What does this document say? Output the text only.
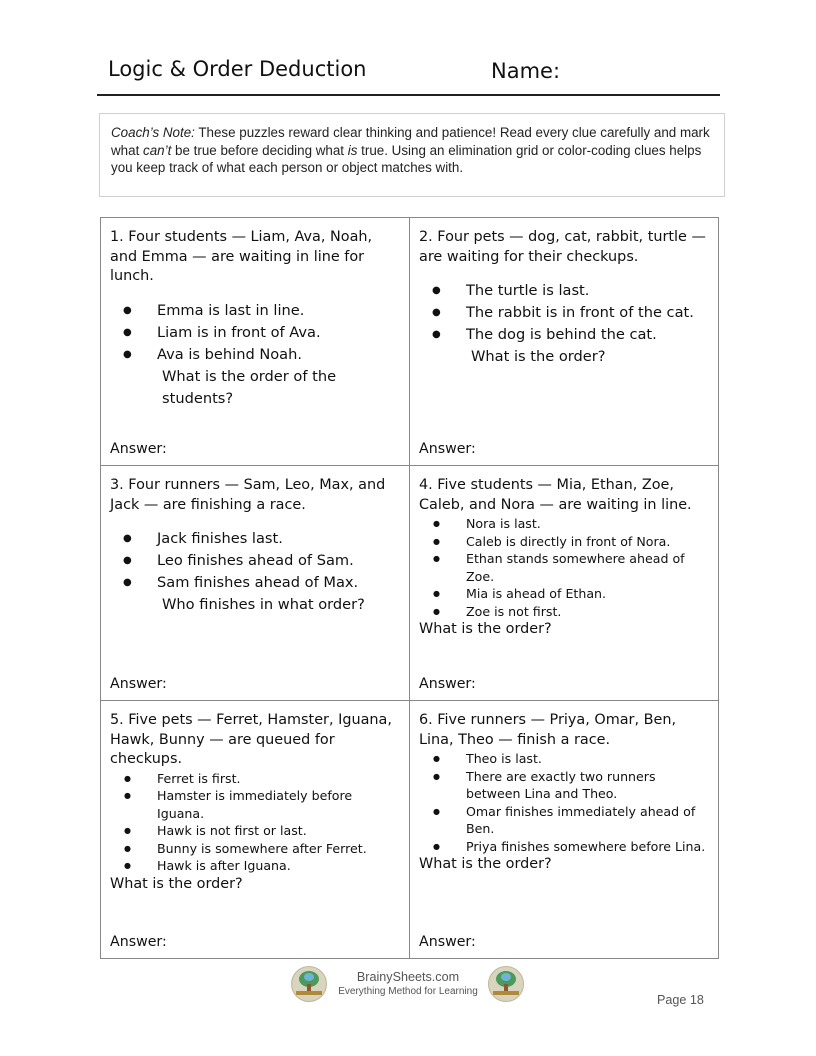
Logic & Order Deduction	Name:
Coach’s Note: These puzzles reward clear thinking and patience! Read every clue carefully and mark what can’t be true before deciding what is true. Using an elimination grid or color-coding clues helps you keep track of what each person or object matches with.

1. Four students — Liam, Ava, Noah, and Emma — are waiting in line for lunch.

● Emma is last in line.
● Liam is in front of Ava.
● Ava is behind Noah.
What is the order of the students?
Answer:

2. Four pets — dog, cat, rabbit, turtle — are waiting for their checkups.

● The turtle is last.
● The rabbit is in front of the cat.
● The dog is behind the cat.
What is the order?
Answer:

3. Four runners — Sam, Leo, Max, and Jack — are finishing a race.

● Jack finishes last.
● Leo finishes ahead of Sam.
● Sam finishes ahead of Max.
Who finishes in what order?
Answer:

4. Five students — Mia, Ethan, Zoe, Caleb, and Nora — are waiting in line.

● Nora is last.
● Caleb is directly in front of Nora.
● Ethan stands somewhere ahead of Zoe.
● Mia is ahead of Ethan.
● Zoe is not first.

What is the order?

Answer:

5. Five pets — Ferret, Hamster, Iguana, Hawk, Bunny — are queued for checkups.

● Ferret is first.
● Hamster is immediately before Iguana.
● Hawk is not first or last.
● Bunny is somewhere after Ferret.
● Hawk is after Iguana.

What is the order?

Answer:

6. Five runners — Priya, Omar, Ben, Lina, Theo — finish a race.

● Theo is last.
● There are exactly two runners between Lina and Theo.
● Omar finishes immediately ahead of Ben.
● Priya finishes somewhere before Lina.

What is the order?

Answer:
BrainySheets.com
Everything Method for Learning
Page 18
